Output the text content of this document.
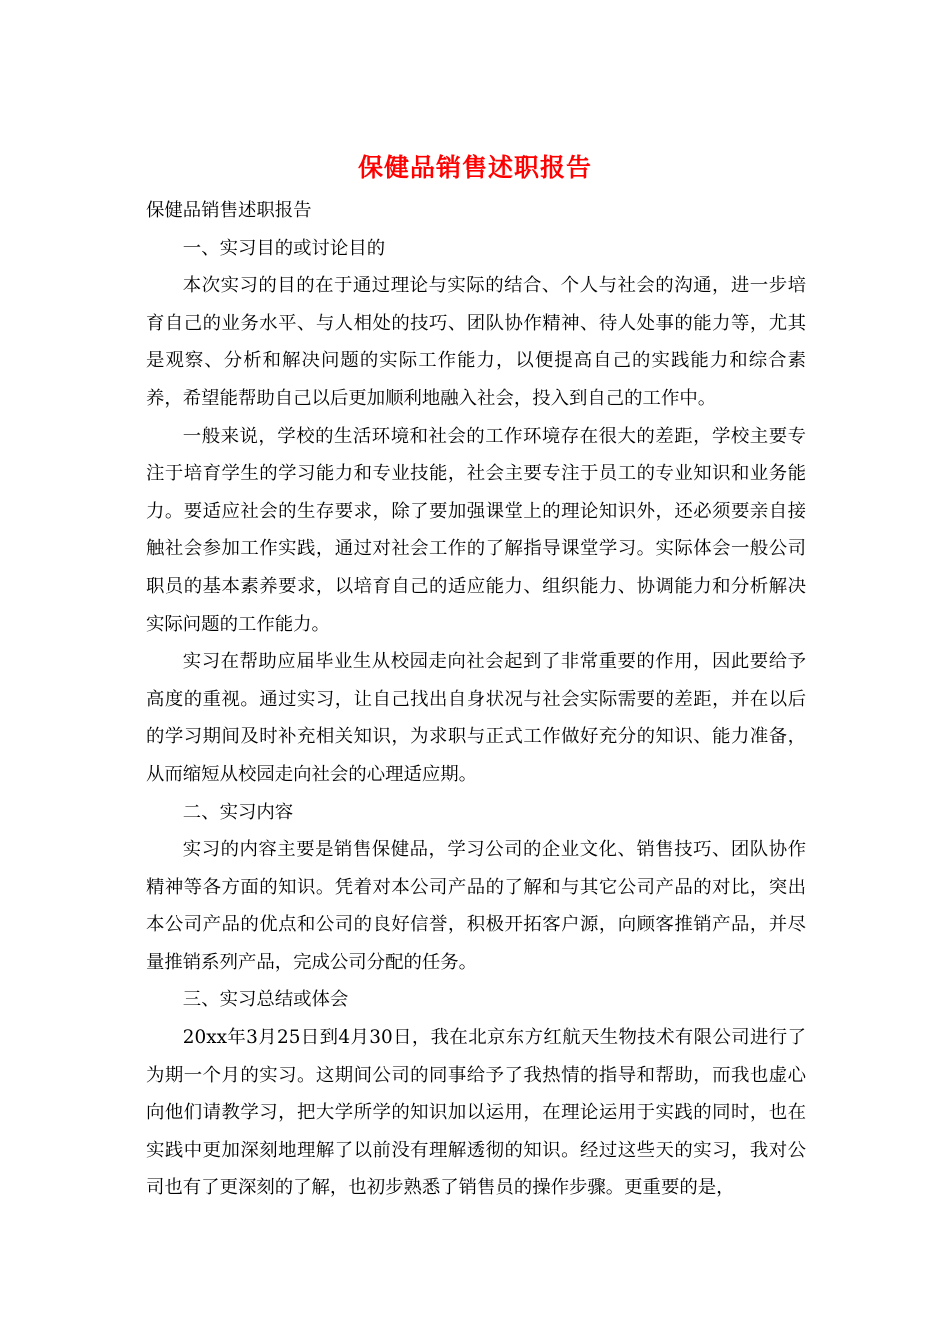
保健品销售述职报告

保健品销售述职报告

一、实习目的或讨论目的

本次实习的目的在于通过理论与实际的结合、个人与社会的沟通，进一步培育自己的业务水平、与人相处的技巧、团队协作精神、待人处事的能力等，尤其是观察、分析和解决问题的实际工作能力，以便提高自己的实践能力和综合素养，希望能帮助自己以后更加顺利地融入社会，投入到自己的工作中。

一般来说，学校的生活环境和社会的工作环境存在很大的差距，学校主要专注于培育学生的学习能力和专业技能，社会主要专注于员工的专业知识和业务能力。要适应社会的生存要求，除了要加强课堂上的理论知识外，还必须要亲自接触社会参加工作实践，通过对社会工作的了解指导课堂学习。实际体会一般公司职员的基本素养要求，以培育自己的适应能力、组织能力、协调能力和分析解决实际问题的工作能力。

实习在帮助应届毕业生从校园走向社会起到了非常重要的作用，因此要给予高度的重视。通过实习，让自己找出自身状况与社会实际需要的差距，并在以后的学习期间及时补充相关知识，为求职与正式工作做好充分的知识、能力准备，从而缩短从校园走向社会的心理适应期。

二、实习内容

实习的内容主要是销售保健品，学习公司的企业文化、销售技巧、团队协作精神等各方面的知识。凭着对本公司产品的了解和与其它公司产品的对比，突出本公司产品的优点和公司的良好信誉，积极开拓客户源，向顾客推销产品，并尽量推销系列产品，完成公司分配的任务。

三、实习总结或体会

20xx年3月25日到4月30日，我在北京东方红航天生物技术有限公司进行了为期一个月的实习。这期间公司的同事给予了我热情的指导和帮助，而我也虚心向他们请教学习，把大学所学的知识加以运用，在理论运用于实践的同时，也在实践中更加深刻地理解了以前没有理解透彻的知识。经过这些天的实习，我对公司也有了更深刻的了解，也初步熟悉了销售员的操作步骤。更重要的是，
